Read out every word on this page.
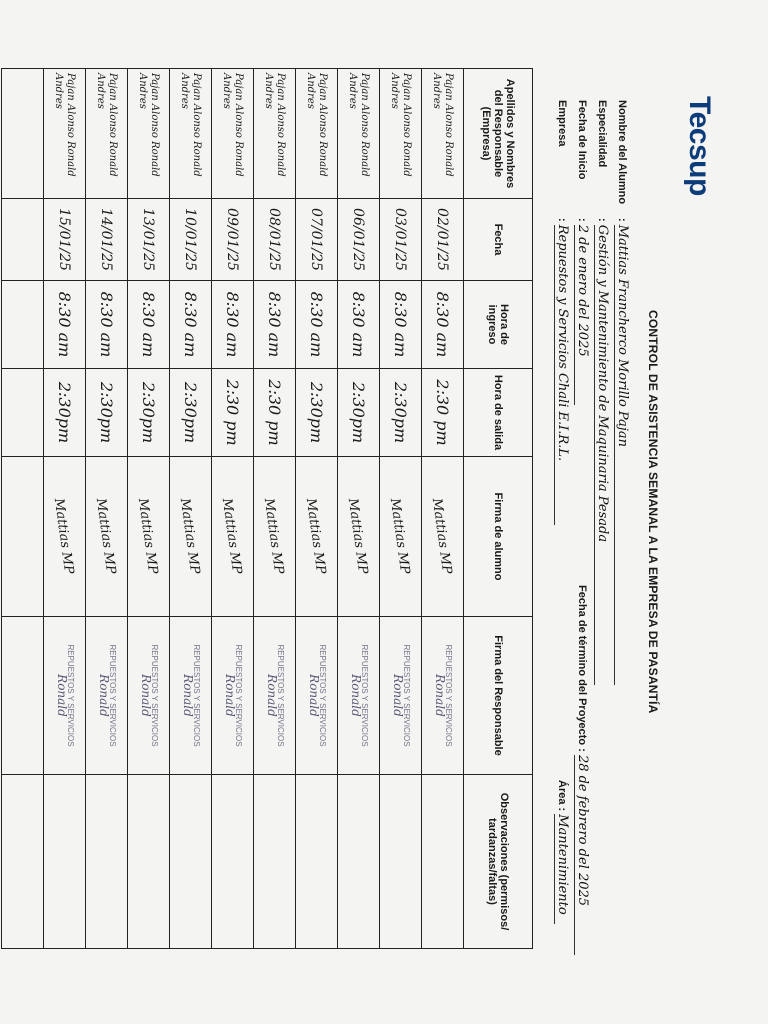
Tecsup
CONTROL DE ASISTENCIA SEMANAL A LA EMPRESA DE PASANTÍA
Nombre del Alumno: Mattias Francherco Morillo Pajan
Especialidad: Gestión y Mantenimiento de Maquinaria Pesada
Fecha de Inicio: 2 de enero del 2025
Fecha de término del Proyecto : 28 de febrero del 2025
Empresa: Repuestos y Servicios Chali E.I.R.L.
Área : Mantenimiento
Apellidos y Nombres del Responsable (Empresa)	Fecha	Hora de ingreso	Hora de salida	Firma de alumno	Firma del Responsable	Observaciones (permisos/ tardanzas/faltas)
Pajan Alonso Ronald Andres	02/01/25	8:30 am	2:30 pm	Mattias MP	REPUESTOS Y SERVICIOS
Ronald	
Pajan Alonso Ronald Andres	03/01/25	8:30 am	2:30pm	Mattias MP	REPUESTOS Y SERVICIOS
Ronald	
Pajan Alonso Ronald Andres	06/01/25	8:30 am	2:30pm	Mattias MP	REPUESTOS Y SERVICIOS
Ronald	
Pajan Alonso Ronald Andres	07/01/25	8:30 am	2:30pm	Mattias MP	REPUESTOS Y SERVICIOS
Ronald	
Pajan Alonso Ronald Andres	08/01/25	8:30 am	2:30 pm	Mattias MP	REPUESTOS Y SERVICIOS
Ronald	
Pajan Alonso Ronald Andres	09/01/25	8:30 am	2:30 pm	Mattias MP	REPUESTOS Y SERVICIOS
Ronald	
Pajan Alonso Ronald Andres	10/01/25	8:30 am	2:30pm	Mattias MP	REPUESTOS Y SERVICIOS
Ronald	
Pajan Alonso Ronald Andres	13/01/25	8:30 am	2:30pm	Mattias MP	REPUESTOS Y SERVICIOS
Ronald	
Pajan Alonso Ronald Andres	14/01/25	8:30 am	2:30pm	Mattias MP	REPUESTOS Y SERVICIOS
Ronald	
Pajan Alonso Ronald Andres	15/01/25	8:30 am	2:30pm	Mattias MP	REPUESTOS Y SERVICIOS
Ronald	
